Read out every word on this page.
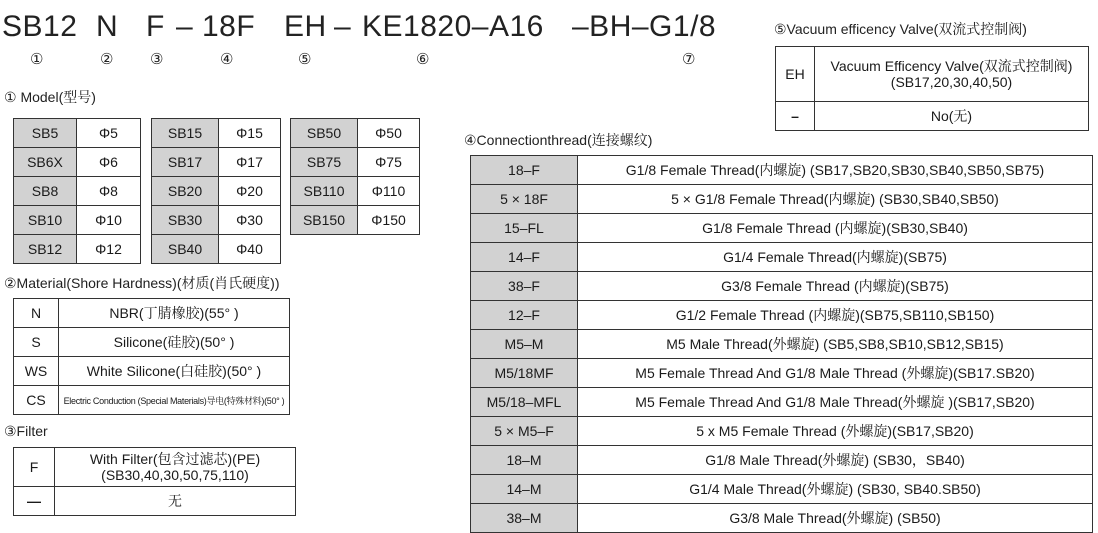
SB12 N F – 18F EH – KE1820–A16 –BH–G1/8
①	② ③	④	⑤	⑥	⑦
① Model(型号)
SB5	Φ5
SB6X	Φ6
SB8	Φ8
SB10	Φ10
SB12	Φ12
SB15	Φ15
SB17	Φ17
SB20	Φ20
SB30	Φ30
SB40	Φ40
SB50	Φ50
SB75	Φ75
SB110	Φ110
SB150	Φ150
②Material(Shore Hardness)(材质(肖氏硬度))
N	NBR(丁腈橡胶)(55° )
S	Silicone(硅胶)(50° )
WS	White Silicone(白硅胶)(50° )
CS	Electric Conduction (Special Materials)导电(特殊材料)(50° )
③Filter
F	With Filter(包含过滤芯)(PE)
(SB30,40,30,50,75,110)

—	无
⑤Vacuum efficency Valve(双流式控制阀)
EH	Vacuum Efficency Valve(双流式控制阀)
(SB17,20,30,40,50)

–	No(无)
④Connectionthread(连接螺纹)
18–F	G1/8 Female Thread(内螺旋) (SB17,SB20,SB30,SB40,SB50,SB75)
5 × 18F	5 × G1/8 Female Thread(内螺旋) (SB30,SB40,SB50)
15–FL	G1/8 Female Thread (内螺旋)(SB30,SB40)
14–F	G1/4 Female Thread(内螺旋)(SB75)
38–F	G3/8 Female Thread (内螺旋)(SB75)
12–F	G1/2 Female Thread (内螺旋)(SB75,SB110,SB150)
M5–M	M5 Male Thread(外螺旋) (SB5,SB8,SB10,SB12,SB15)
M5/18MF	M5 Female Thread And G1/8 Male Thread (外螺旋)(SB17.SB20)
M5/18–MFL	M5 Female Thread And G1/8 Male Thread(外螺旋 )(SB17,SB20)
5 × M5–F	5 x M5 Female Thread (外螺旋)(SB17,SB20)
18–M	G1/8 Male Thread(外螺旋) (SB30，SB40)
14–M	G1/4 Male Thread(外螺旋) (SB30, SB40.SB50)
38–M	G3/8 Male Thread(外螺旋) (SB50)
